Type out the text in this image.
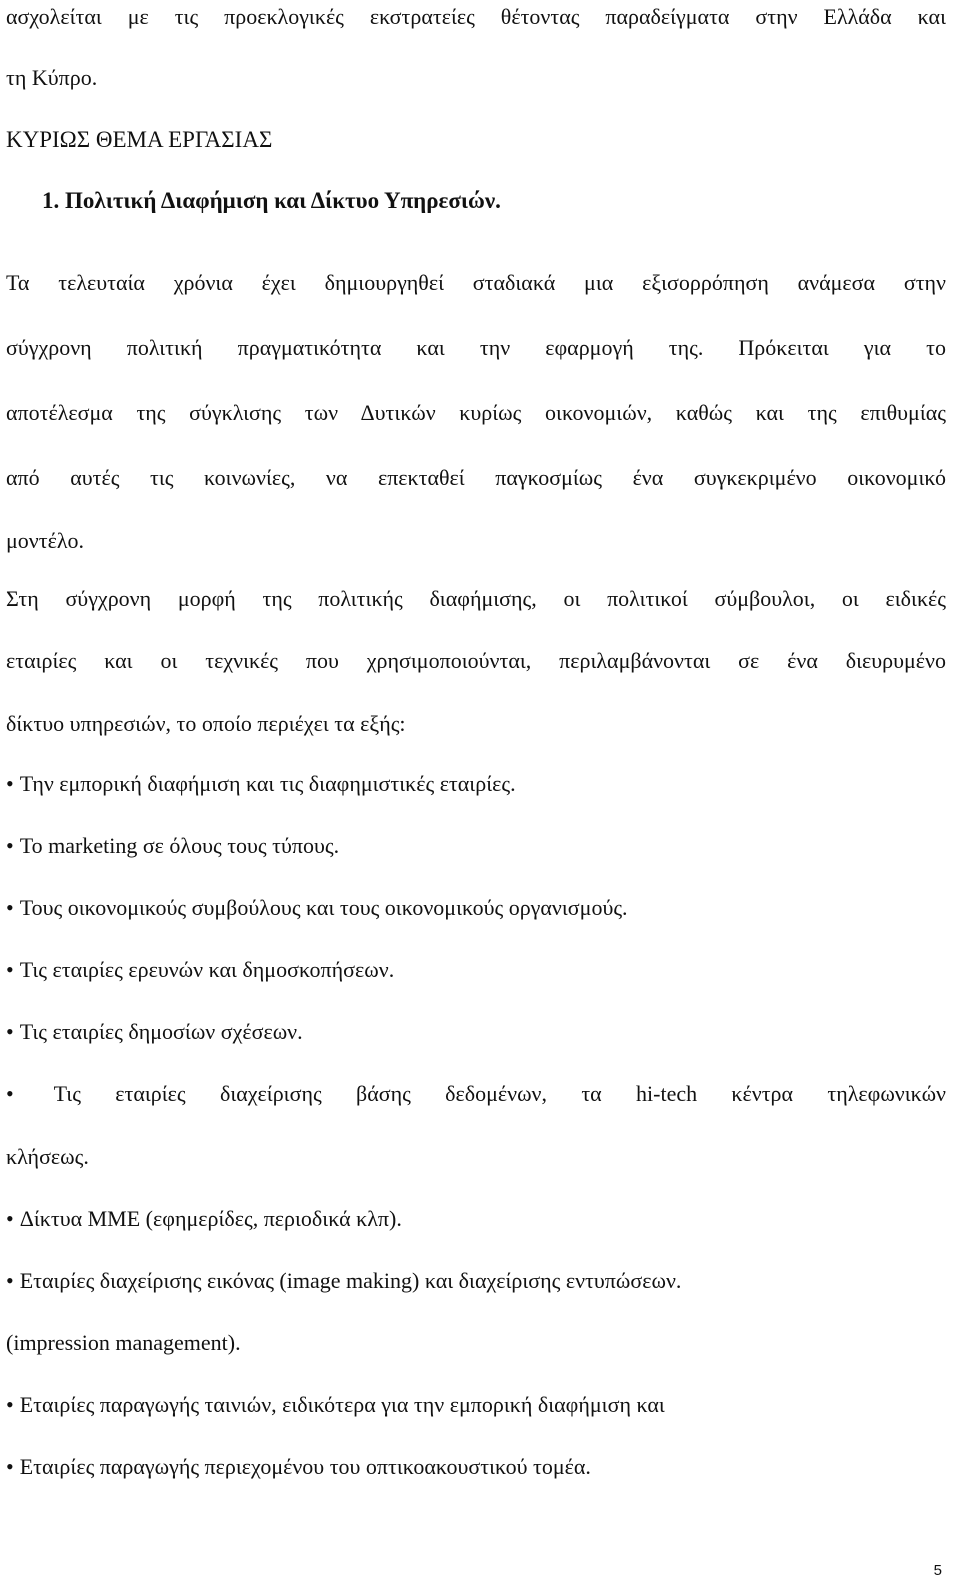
ασχολείται με τις προεκλογικές εκστρατείες θέτοντας παραδείγματα στην Ελλάδα και
τη Κύπρο.
ΚΥΡΙΩΣ ΘΕΜΑ ΕΡΓΑΣΙΑΣ
1. Πολιτική Διαφήμιση και Δίκτυο Υπηρεσιών.
Τα τελευταία χρόνια έχει δημιουργηθεί σταδιακά μια εξισορρόπηση ανάμεσα στην
σύγχρονη πολιτική πραγματικότητα και την εφαρμογή της. Πρόκειται για το
αποτέλεσμα της σύγκλισης των Δυτικών κυρίως οικονομιών, καθώς και της επιθυμίας
από αυτές τις κοινωνίες, να επεκταθεί παγκοσμίως ένα συγκεκριμένο οικονομικό
μοντέλο.
Στη σύγχρονη μορφή της πολιτικής διαφήμισης, οι πολιτικοί σύμβουλοι, οι ειδικές
εταιρίες και οι τεχνικές που χρησιμοποιούνται, περιλαμβάνονται σε ένα διευρυμένο
δίκτυο υπηρεσιών, το οποίο περιέχει τα εξής:
• Την εμπορική διαφήμιση και τις διαφημιστικές εταιρίες.
• Το marketing σε όλους τους τύπους.
• Τους οικονομικούς συμβούλους και τους οικονομικούς οργανισμούς.
• Τις εταιρίες ερευνών και δημοσκοπήσεων.
• Τις εταιρίες δημοσίων σχέσεων.
• Τις εταιρίες διαχείρισης βάσης δεδομένων, τα hi-tech κέντρα τηλεφωνικών
κλήσεως.
• Δίκτυα ΜΜΕ (εφημερίδες, περιοδικά κλπ).
• Εταιρίες διαχείρισης εικόνας (image making) και διαχείρισης εντυπώσεων.
(impression management).
• Εταιρίες παραγωγής ταινιών, ειδικότερα για την εμπορική διαφήμιση και
• Εταιρίες παραγωγής περιεχομένου του οπτικοακουστικού τομέα.
5
